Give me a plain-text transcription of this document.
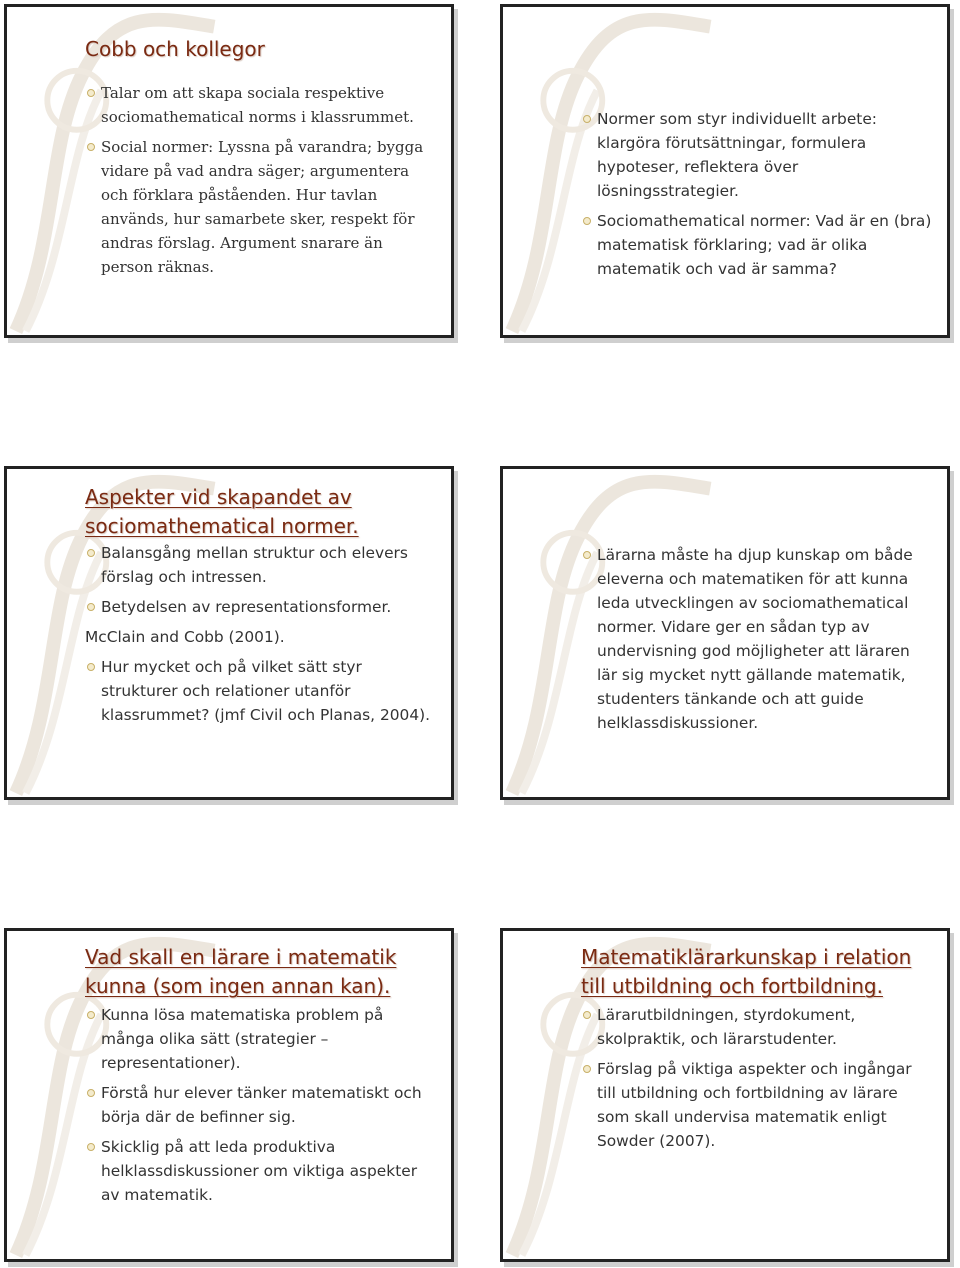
Cobb och kollegor
Talar om att skapa sociala respektive sociomathematical norms i klassrummet.
Social normer: Lyssna på varandra; bygga vidare på vad andra säger; argumentera och förklara påståenden. Hur tavlan används, hur samarbete sker, respekt för andras förslag. Argument snarare än person räknas.
Normer som styr individuellt arbete: klargöra förutsättningar, formulera hypoteser, reflektera över lösningsstrategier.
Sociomathematical normer: Vad är en (bra) matematisk förklaring; vad är olika matematik och vad är samma?
Aspekter vid skapandet av sociomathematical normer.
Balansgång mellan struktur och elevers förslag och intressen.
Betydelsen av representationsformer.
McClain and Cobb (2001).
Hur mycket och på vilket sätt styr strukturer och relationer utanför klassrummet? (jmf Civil och Planas, 2004).
Lärarna måste ha djup kunskap om både eleverna och matematiken för att kunna leda utvecklingen av sociomathematical normer. Vidare ger en sådan typ av undervisning god möjligheter att läraren lär sig mycket nytt gällande matematik, studenters tänkande och att guide helklassdiskussioner.
Vad skall en lärare i matematik kunna (som ingen annan kan).
Kunna lösa matematiska problem på många olika sätt (strategier – representationer).
Förstå hur elever tänker matematiskt och börja där de befinner sig.
Skicklig på att leda produktiva helklassdiskussioner om viktiga aspekter av matematik.
Matematiklärarkunskap i relation till utbildning och fortbildning.
Lärarutbildningen, styrdokument, skolpraktik, och lärarstudenter.
Förslag på viktiga aspekter och ingångar till utbildning och fortbildning av lärare som skall undervisa matematik enligt Sowder (2007).
